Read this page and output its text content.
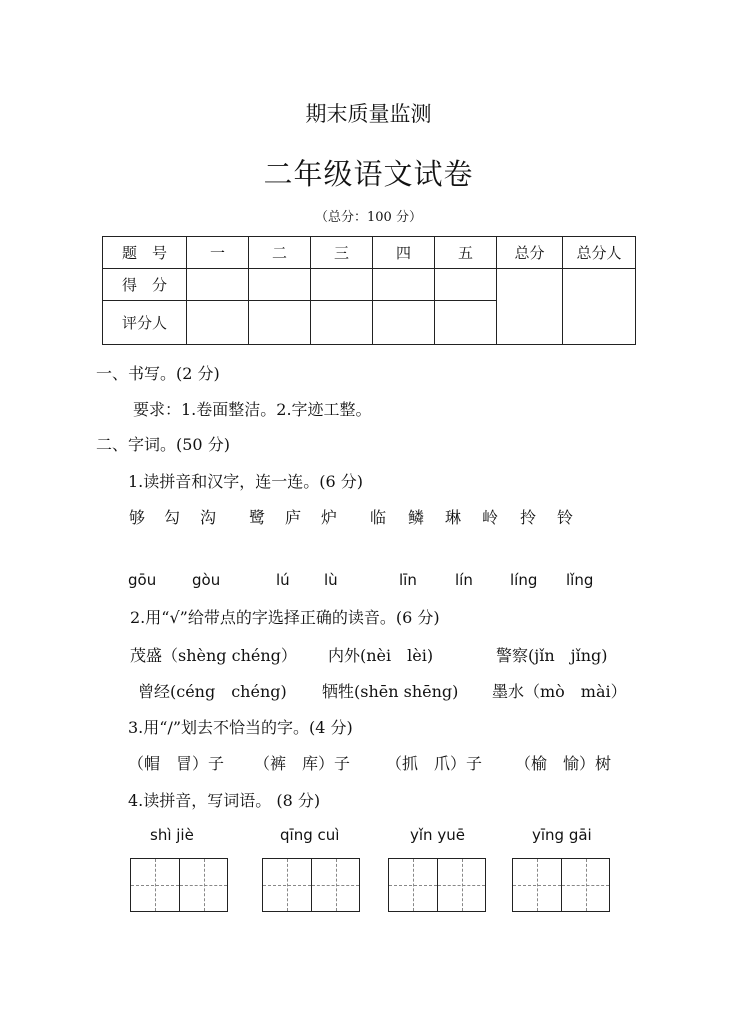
期末质量监测
二年级语文试卷
（总分：100 分）
题　号	一	二	三	四	五	总分	总分人
得　分							
评分人							
一、书写。(2 分)
要求：1.卷面整洁。2.字迹工整。
二、字词。(50 分)
1.读拼音和汉字，连一连。(6 分)
够 勾 沟 鹭 庐 炉 临 鳞 琳 岭 拎 铃
gōu gòu	lú lù	līn	lín líng lǐng
2.用“√”给带点的字选择正确的读音。(6 分)
茂盛（shèng chéng） 内外(nèi　lèi)	警察(jǐn　jǐng)
曾经(céng　chéng) 牺牲(shēn shēng) 墨水（mò　mài）
3.用“/”划去不恰当的字。(4 分)
（帽　冒）子 （裤　库）子 （抓　爪）子 （榆　愉）树
4.读拼音，写词语。 (8 分)
shì jiè	qīng cuì	yǐn yuē	yīng gāi
